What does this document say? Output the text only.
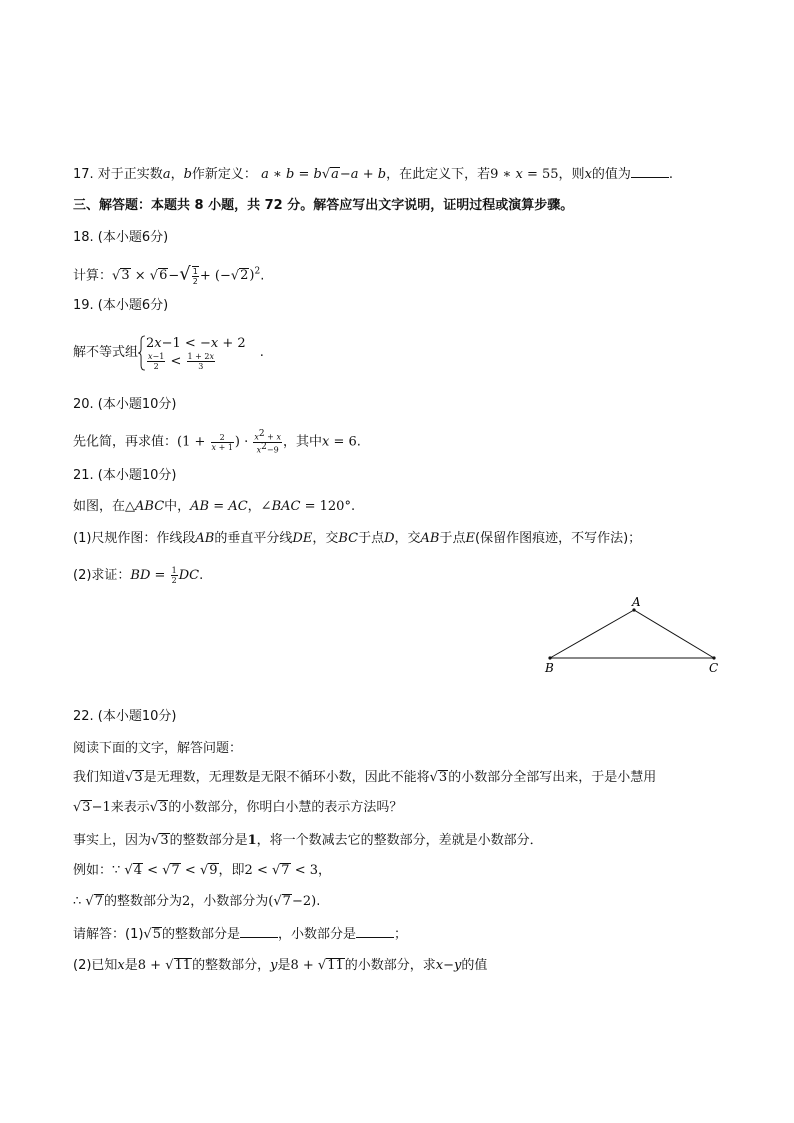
17. 对于正实数a，b作新定义： a ∗ b = b√a−a + b，在此定义下，若9 ∗ x = 55，则x的值为	.
三、解答题：本题共 8 小题，共 72 分。解答应写出文字说明，证明过程或演算步骤。
18. (本小题6分)
计算：$√3 \times √6-√ \frac{1}{2} + (-√2)^2$.
19. (本小题6分)
解不等式组
2x−1 < −x + 2
$\frac{x-1}{2} < \frac{1 + 2x}{3}$	.
20. (本小题10分)
先化简，再求值：($1 + \frac{2}{x + 1}$ ) · $\frac{x^2 + x}{x^2-9}$ ，其中x = 6.
21. (本小题10分)
如图，在△ABC中，AB = AC，∠BAC = 120°.
(1)尺规作图：作线段AB的垂直平分线DE，交BC于点D，交AB于点E(保留作图痕迹，不写作法)；
(2)求证：BD = $\frac{1}{2}$ DC.
A
B	C
22. (本小题10分)
阅读下面的文字，解答问题：
我们知道√3是无理数，无理数是无限不循环小数，因此不能将√3的小数部分全部写出来，于是小慧用
√3−1来表示√3的小数部分，你明白小慧的表示方法吗？
事实上，因为√3的整数部分是1，将一个数减去它的整数部分，差就是小数部分．
例如：∵ √4 < √7 < √9，即2 < √7 < 3，
∴ √7的整数部分为2，小数部分为(√7−2).
请解答：(1)√5的整数部分是	，小数部分是	；
(2)已知x是8 + √11的整数部分，y是8 + √11的小数部分，求x−y的值
